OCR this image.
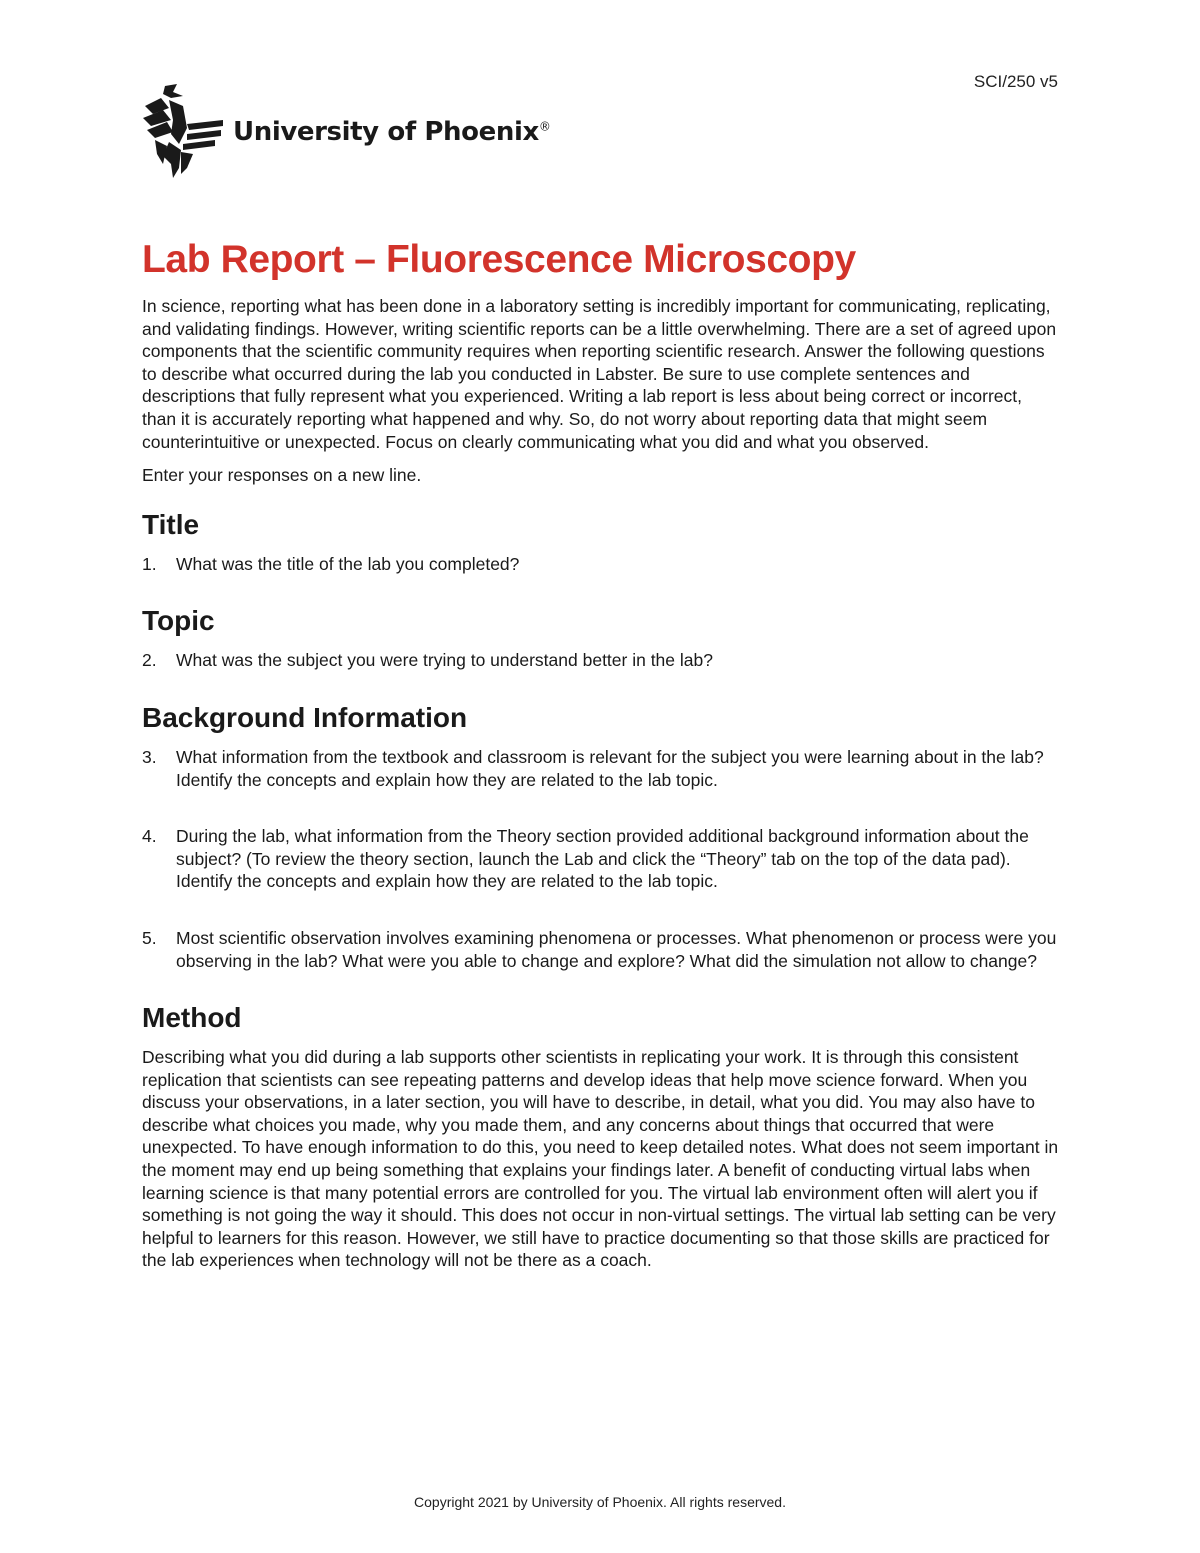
SCI/250 v5
University of Phoenix®
Lab Report – Fluorescence Microscopy

In science, reporting what has been done in a laboratory setting is incredibly important for communicating, replicating, and validating findings. However, writing scientific reports can be a little overwhelming. There are a set of agreed upon components that the scientific community requires when reporting scientific research. Answer the following questions to describe what occurred during the lab you conducted in Labster. Be sure to use complete sentences and descriptions that fully represent what you experienced. Writing a lab report is less about being correct or incorrect, than it is accurately reporting what happened and why. So, do not worry about reporting data that might seem counterintuitive or unexpected. Focus on clearly communicating what you did and what you observed.

Enter your responses on a new line.

Title
1.	What was the title of the lab you completed?
Topic
2.	What was the subject you were trying to understand better in the lab?
Background Information
3.	What information from the textbook and classroom is relevant for the subject you were learning about in the lab? Identify the concepts and explain how they are related to the lab topic.
4.	During the lab, what information from the Theory section provided additional background information about the subject? (To review the theory section, launch the Lab and click the “Theory” tab on the top of the data pad). Identify the concepts and explain how they are related to the lab topic.
5.	Most scientific observation involves examining phenomena or processes. What phenomenon or process were you observing in the lab? What were you able to change and explore? What did the simulation not allow to change?
Method

Describing what you did during a lab supports other scientists in replicating your work. It is through this consistent replication that scientists can see repeating patterns and develop ideas that help move science forward. When you discuss your observations, in a later section, you will have to describe, in detail, what you did. You may also have to describe what choices you made, why you made them, and any concerns about things that occurred that were unexpected. To have enough information to do this, you need to keep detailed notes. What does not seem important in the moment may end up being something that explains your findings later. A benefit of conducting virtual labs when learning science is that many potential errors are controlled for you. The virtual lab environment often will alert you if something is not going the way it should. This does not occur in non-virtual settings. The virtual lab setting can be very helpful to learners for this reason. However, we still have to practice documenting so that those skills are practiced for the lab experiences when technology will not be there as a coach.

Copyright 2021 by University of Phoenix. All rights reserved.
